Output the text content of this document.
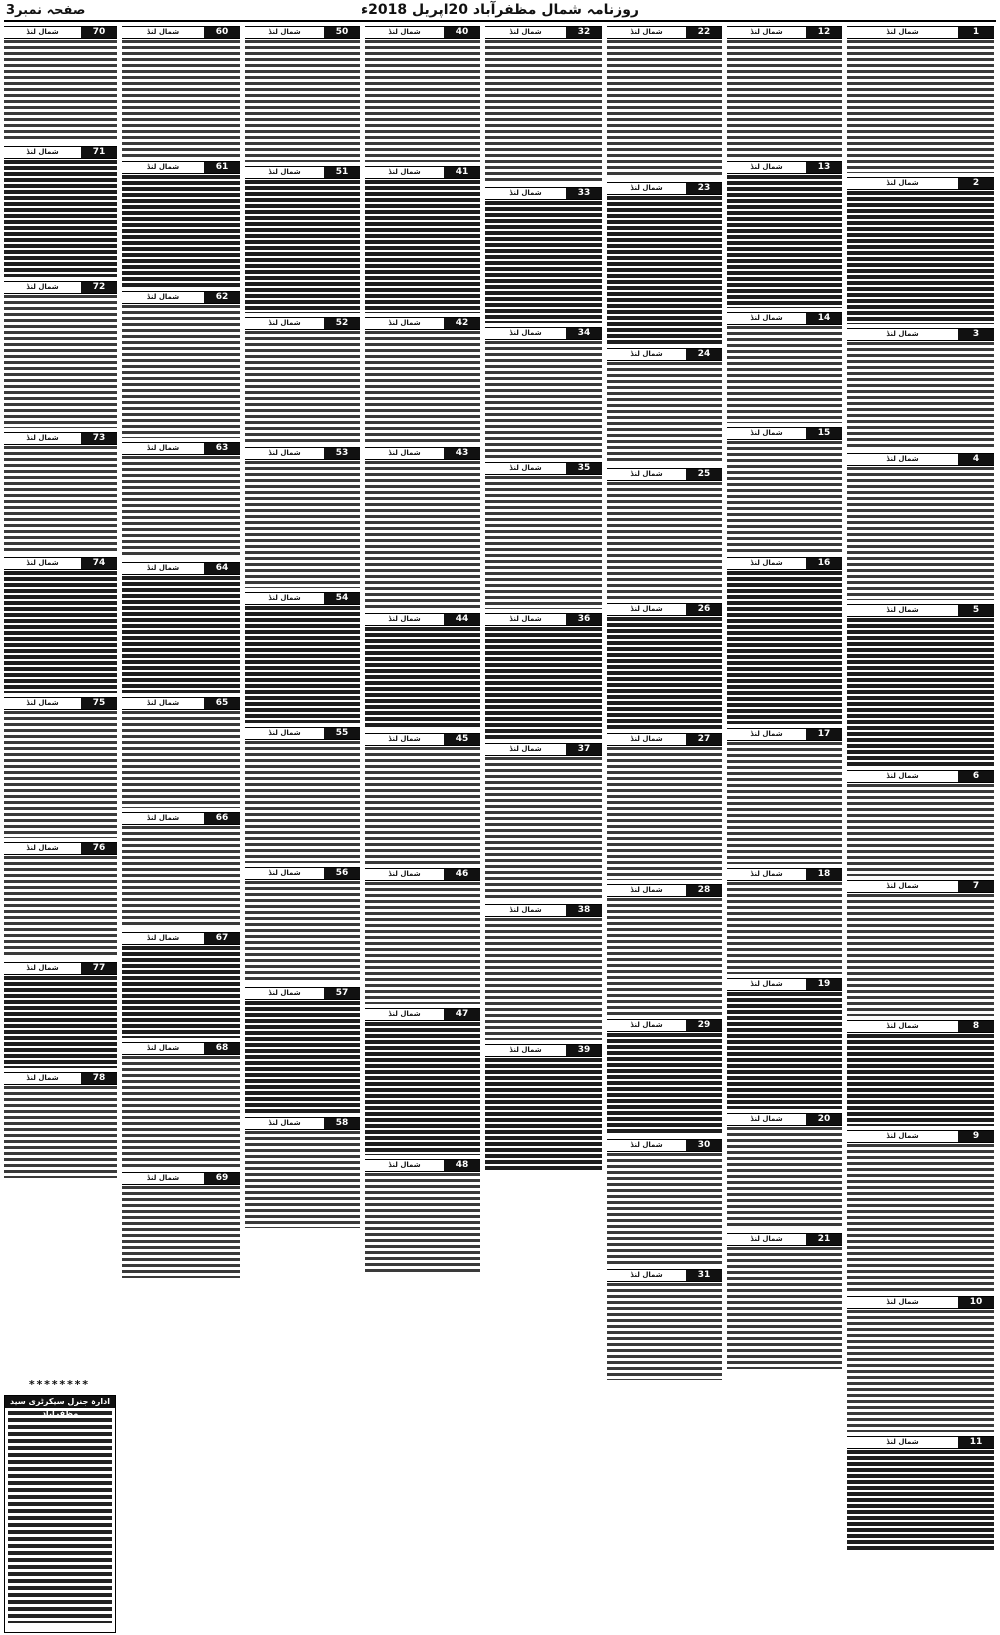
صفحہ نمبر3	روزنامہ شمال مظفرآباد 20اپریل 2018ء
1
شمال لنڈ
2
شمال لنڈ
3
شمال لنڈ
4
شمال لنڈ
5
شمال لنڈ
6
شمال لنڈ
7
شمال لنڈ
8
شمال لنڈ
9
شمال لنڈ
10
شمال لنڈ
11
شمال لنڈ
12
شمال لنڈ
13
شمال لنڈ
14
شمال لنڈ
15
شمال لنڈ
16
شمال لنڈ
17
شمال لنڈ
18
شمال لنڈ
19
شمال لنڈ
20
شمال لنڈ
21
شمال لنڈ
22
شمال لنڈ
23
شمال لنڈ
24
شمال لنڈ
25
شمال لنڈ
26
شمال لنڈ
27
شمال لنڈ
28
شمال لنڈ
29
شمال لنڈ
30
شمال لنڈ
31
شمال لنڈ
32
شمال لنڈ
33
شمال لنڈ
34
شمال لنڈ
35
شمال لنڈ
36
شمال لنڈ
37
شمال لنڈ
38
شمال لنڈ
39
شمال لنڈ
40
شمال لنڈ
41
شمال لنڈ
42
شمال لنڈ
43
شمال لنڈ
44
شمال لنڈ
45
شمال لنڈ
46
شمال لنڈ
47
شمال لنڈ
48
شمال لنڈ
50
شمال لنڈ
51
شمال لنڈ
52
شمال لنڈ
53
شمال لنڈ
54
شمال لنڈ
55
شمال لنڈ
56
شمال لنڈ
57
شمال لنڈ
58
شمال لنڈ
60
شمال لنڈ
61
شمال لنڈ
62
شمال لنڈ
63
شمال لنڈ
64
شمال لنڈ
65
شمال لنڈ
66
شمال لنڈ
67
شمال لنڈ
68
شمال لنڈ
69
شمال لنڈ
70
شمال لنڈ
71
شمال لنڈ
72
شمال لنڈ
73
شمال لنڈ
74
شمال لنڈ
75
شمال لنڈ
76
شمال لنڈ
77
شمال لنڈ
78
شمال لنڈ
********
ادارہ جنرل سیکرٹری سید مظفرآباد
